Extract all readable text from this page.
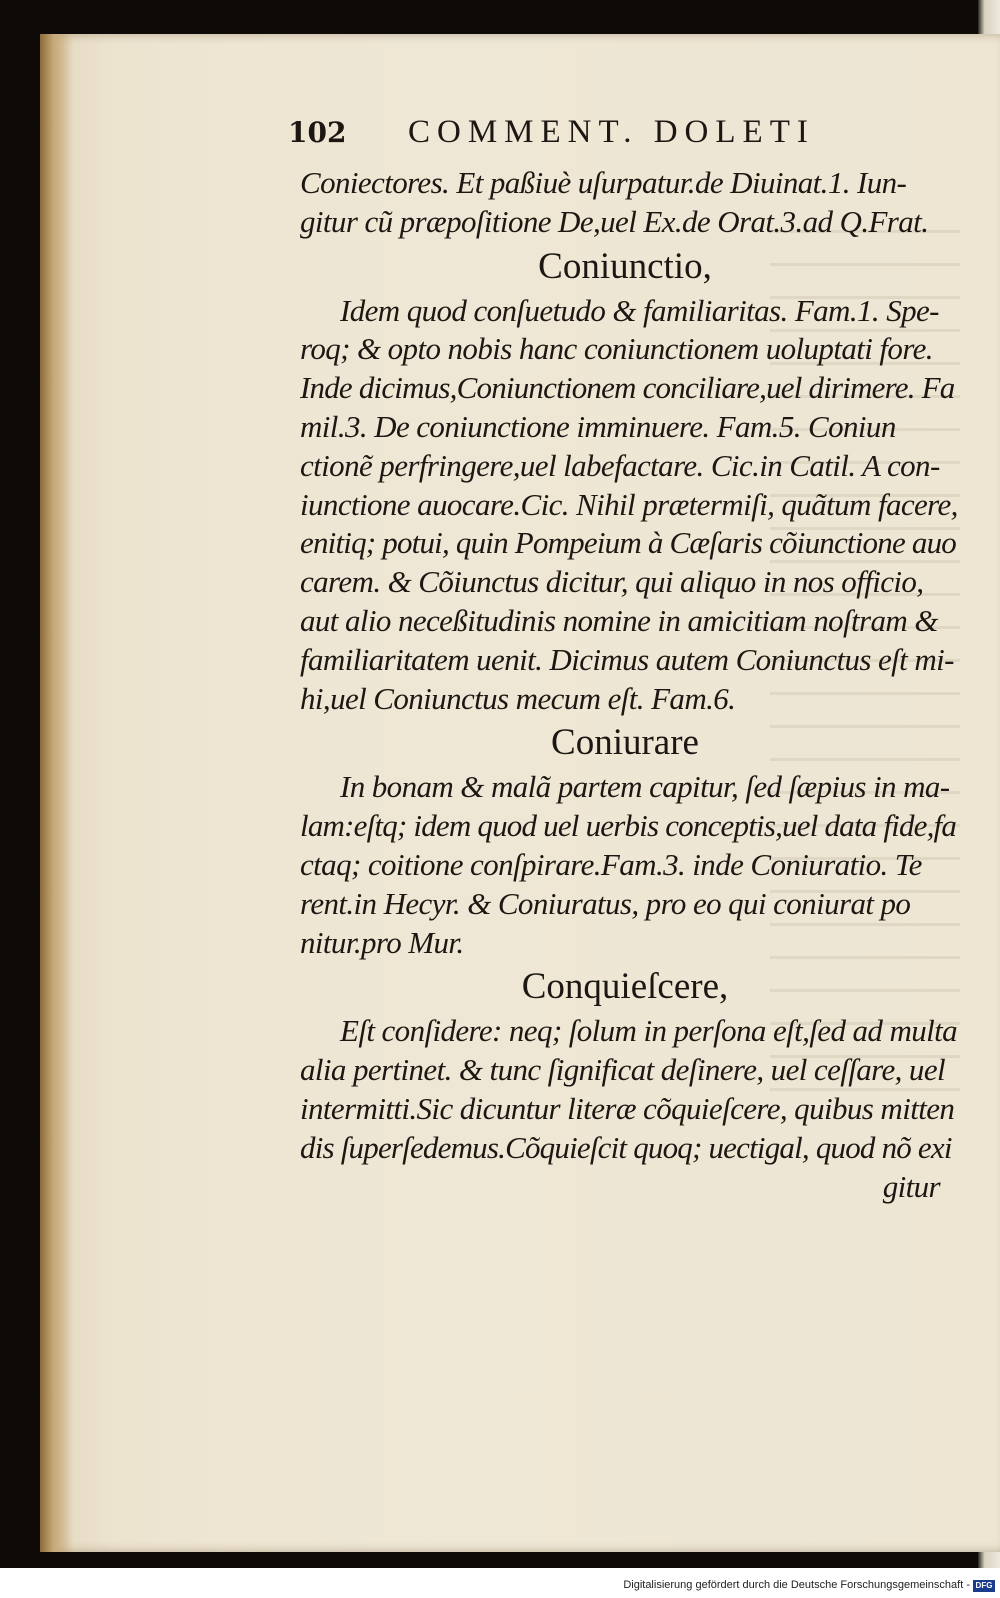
102	COMMENT. DOLETI
Coniectores. Et paßiuè uſurpatur.de Diuinat.1. Iun-
gitur cũ præpoſitione De,uel Ex.de Orat.3.ad Q.Frat.
Coniunctio,
Idem quod conſuetudo & familiaritas. Fam.1. Spe-
roq; & opto nobis hanc coniunctionem uoluptati fore.
Inde dicimus,Coniunctionem conciliare,uel dirimere. Fa
mil.3. De coniunctione imminuere. Fam.5. Coniun
ctionẽ perfringere,uel labefactare. Cic.in Catil. A con-
iunctione auocare.Cic. Nihil prætermiſi, quãtum facere,
enitiq; potui, quin Pompeium à Cæſaris cõiunctione auo
carem. & Cõiunctus dicitur, qui aliquo in nos officio,
aut alio neceßitudinis nomine in amicitiam noſtram &
familiaritatem uenit. Dicimus autem Coniunctus eſt mi-
hi,uel Coniunctus mecum eſt. Fam.6.
Coniurare
In bonam & malã partem capitur, ſed ſæpius in ma-
lam:eſtq; idem quod uel uerbis conceptis,uel data fide,fa
ctaq; coitione conſpirare.Fam.3. inde Coniuratio. Te
rent.in Hecyr. & Coniuratus, pro eo qui coniurat po
nitur.pro Mur.
Conquieſcere,
Eſt conſidere: neq; ſolum in perſona eſt,ſed ad multa
alia pertinet. & tunc ſignificat deſinere, uel ceſſare, uel
intermitti.Sic dicuntur literæ cõquieſcere, quibus mitten
dis ſuperſedemus.Cõquieſcit quoq; uectigal, quod nõ exi
gitur
Digitalisierung gefördert durch die Deutsche Forschungsgemeinschaft - DFG
